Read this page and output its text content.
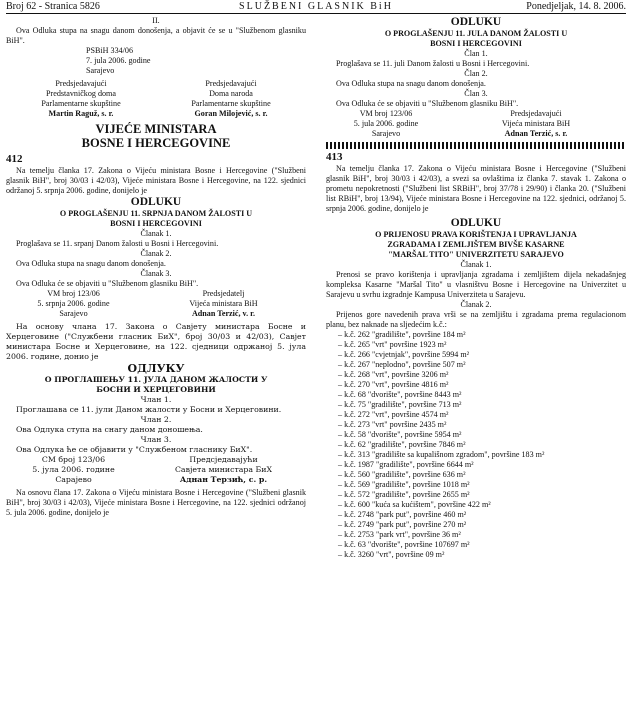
Broj 62 - Stranica 5826	SLUŽBENI GLASNIK BiH	Ponedjeljak, 14. 8. 2006.
II.
Ova Odluka stupa na snagu danom donošenja, a objavit će se u "Službenom glasniku BiH".
PSBiH 334/06
7. jula 2006. godine
Sarajevo
Predsjedavajući
Predstavničkog doma
Parlamentarne skupštine
Martin Raguž, s. r.
Predsjedavajući
Doma naroda
Parlamentarne skupštine
Goran Milojević, s. r.
VIJEĆE MINISTARA
BOSNE I HERCEGOVINE
412
Na temelju članka 17. Zakona o Vijeću ministara Bosne i Hercegovine ("Službeni glasnik BiH", broj 30/03 i 42/03), Vijeće ministara Bosne i Hercegovine, na 122. sjednici održanoj 5. srpnja 2006. godine, donijelo je
ODLUKU
O PROGLAŠENJU 11. SRPNJA DANOM ŽALOSTI U
BOSNI I HERCEGOVINI
Članak 1.
Proglašava se 11. srpanj Danom žalosti u Bosni i Hercegovini.
Članak 2.
Ova Odluka stupa na snagu danom donošenja.
Članak 3.
Ova Odluka će se objaviti u "Službenom glasniku BiH".
VM broj 123/06
5. srpnja 2006. godine
Sarajevo
Predsjedatelj
Vijeća ministara BiH
Adnan Terzić, v. r.
На основу члана 17. Закона о Савјету министара Босне и Херцеговине ("Службени гласник БиХ", број 30/03 и 42/03), Савјет министара Босне и Херцеговине, на 122. сједници одржаној 5. јула 2006. године, донио је
ОДЛУКУ
О ПРОГЛАШЕЊУ 11. ЈУЛА ДАНОМ ЖАЛОСТИ У
БОСНИ И ХЕРЦЕГОВИНИ
Члан 1.
Проглашава се 11. јули Даном жалости у Босни и Херцеговини.
Члан 2.
Ова Одлука ступа на снагу даном доношења.
Члан 3.
Ова Одлука ће се објавити у "Службеном гласнику БиХ".
СМ број 123/06
5. јула 2006. године
Сарајево
Предсједавајући
Савјета министара БиХ
Аднан Терзић, с. р.
Na osnovu člana 17. Zakona o Vijeću ministara Bosne i Hercegovine ("Službeni glasnik BiH", broj 30/03 i 42/03), Vijeće ministara Bosne i Hercegovine, na 122. sjednici održanoj 5. jula 2006. godine, donijelo je
ODLUKU
O PROGLAŠENJU 11. JULA DANOM ŽALOSTI U
BOSNI I HERCEGOVINI
Član 1.
Proglašava se 11. juli Danom žalosti u Bosni i Hercegovini.
Član 2.
Ova Odluka stupa na snagu danom donošenja.
Član 3.
Ova Odluka će se objaviti u "Službenom glasniku BiH".
VM broj 123/06
5. jula 2006. godine
Sarajevo
Predsjedavajući
Vijeća ministara BiH
Adnan Terzić, s. r.
413
Na temelju članka 17. Zakona o Vijeću ministara Bosne i Hercegovine ("Službeni glasnik BiH", broj 30/03 i 42/03), a svezi sa ovlaštima iz članka 7. stavak 1. Zakona o prometu nepokretnosti ("Službeni list SRBiH", broj 37/78 i 29/90) i članka 20. ("Službeni list RBiH", broj 13/94), Vijeće ministara Bosne i Hercegovine na 122. sjednici, održanoj 5. srpnja 2006. godine, donijelo je
ODLUKU
O PRIJENOSU PRAVA KORIŠTENJA I UPRAVLJANJA
ZGRADAMA I ZEMLJIŠTEM BIVŠE KASARNE
"MARŠAL TITO" UNIVERZITETU SARAJEVO
Članak 1.
Prenosi se pravo korištenja i upravljanja zgradama i zemljištem dijela nekadašnjeg kompleksa Kasarne "Maršal Tito" u vlasništvu Bosne i Hercegovine na Univerzitet u Sarajevu u svrhu izgradnje Kampusa Univerziteta u Sarajevu.
Članak 2.
Prijenos gore navedenih prava vrši se na zemljištu i zgradama prema regulacionom planu, bez naknade na sljedećim k.č.:
– k.č. 262 "gradilište", površine 184 m²
– k.č. 265 "vrt" površine 1923 m²
– k.č. 266 "cvjetnjak", površine 5994 m²
– k.č. 267 "neplodno", površine 507 m²
– k.č. 268 "vrt", površine 3206 m²
– k.č. 270 "vrt", površine 4816 m²
– k.č. 68 "dvorište", površine 8443 m²
– k.č. 75 "gradilište", površine 713 m²
– k.č. 272 "vrt", površine 4574 m²
– k.č. 273 "vrt" površine 2435 m²
– k.č. 58 "dvorište", površine 5954 m²
– k.č. 62 "gradilište", površine 7846 m²
– k.č. 313 "gradilište sa kupališnom zgradom", površine 183 m²
– k.č. 1987 "gradilište", površine 6644 m²
– k.č. 560 "gradilište", površine 636 m²
– k.č. 569 "gradilište", površine 1018 m²
– k.č. 572 "gradilište", površine 2655 m²
– k.č. 600 "kuća sa kućištem", površine 422 m²
– k.č. 2748 "park put", površine 460 m²
– k.č. 2749 "park put", površine 270 m²
– k.č. 2753 "park vrt", površine 36 m²
– k.č. 63 "dvorište", površine 107697 m²
– k.č. 3260 "vrt", površine 09 m²
